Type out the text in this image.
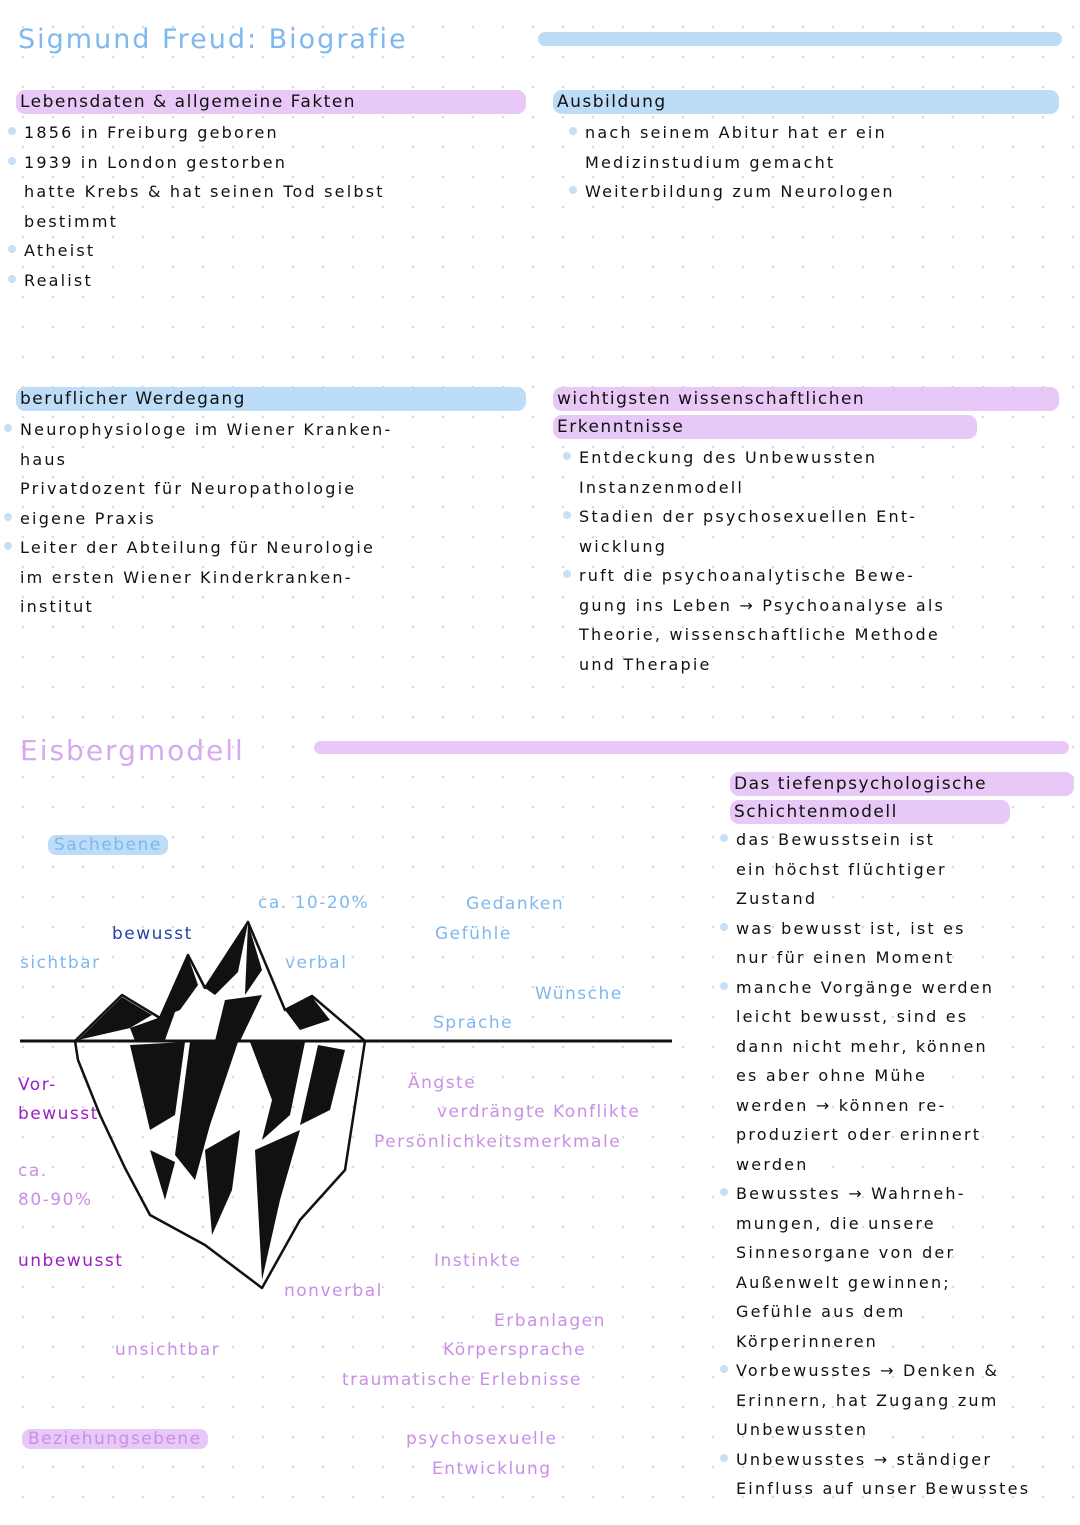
Sigmund Freud: Biografie
Lebensdaten & allgemeine Fakten
1856 in Freiburg geboren
1939 in London gestorben
hatte Krebs & hat seinen Tod selbst
bestimmt
Atheist
Realist
Ausbildung
nach seinem Abitur hat er ein
Medizinstudium gemacht
Weiterbildung zum Neurologen
beruflicher Werdegang
Neurophysiologe im Wiener Kranken-
haus
Privatdozent für Neuropathologie
eigene Praxis
Leiter der Abteilung für Neurologie
im ersten Wiener Kinderkranken-
institut
wichtigsten wissenschaftlichen Erkenntnisse
Entdeckung des Unbewussten
Instanzenmodell
Stadien der psychosexuellen Ent-
wicklung
ruft die psychoanalytische Bewe-
gung ins Leben → Psychoanalyse als
Theorie, wissenschaftliche Methode
und Therapie
Eisbergmodell
Das tiefenpsychologische Schichtenmodell
das Bewusstsein ist
ein höchst flüchtiger
Zustand
was bewusst ist, ist es
nur für einen Moment
manche Vorgänge werden
leicht bewusst, sind es
dann nicht mehr, können
es aber ohne Mühe
werden → können re-
produziert oder erinnert
werden
Bewusstes → Wahrneh-
mungen, die unsere
Sinnesorgane von der
Außenwelt gewinnen;
Gefühle aus dem
Körperinneren
Vorbewusstes → Denken &
Erinnern, hat Zugang zum
Unbewussten
Unbewusstes → ständiger
Einfluss auf unser Bewusstes
Sachebene
bewusst
sichtbar
ca. 10-20%
verbal
Gedanken
Gefühle
Wünsche
Sprache
Vor-
bewusst
ca.
80-90%
unbewusst
nonverbal
unsichtbar
Beziehungsebene
Ängste
verdrängte Konflikte
Persönlichkeitsmerkmale
Instinkte
Erbanlagen
Körpersprache
traumatische Erlebnisse
psychosexuelle
Entwicklung
